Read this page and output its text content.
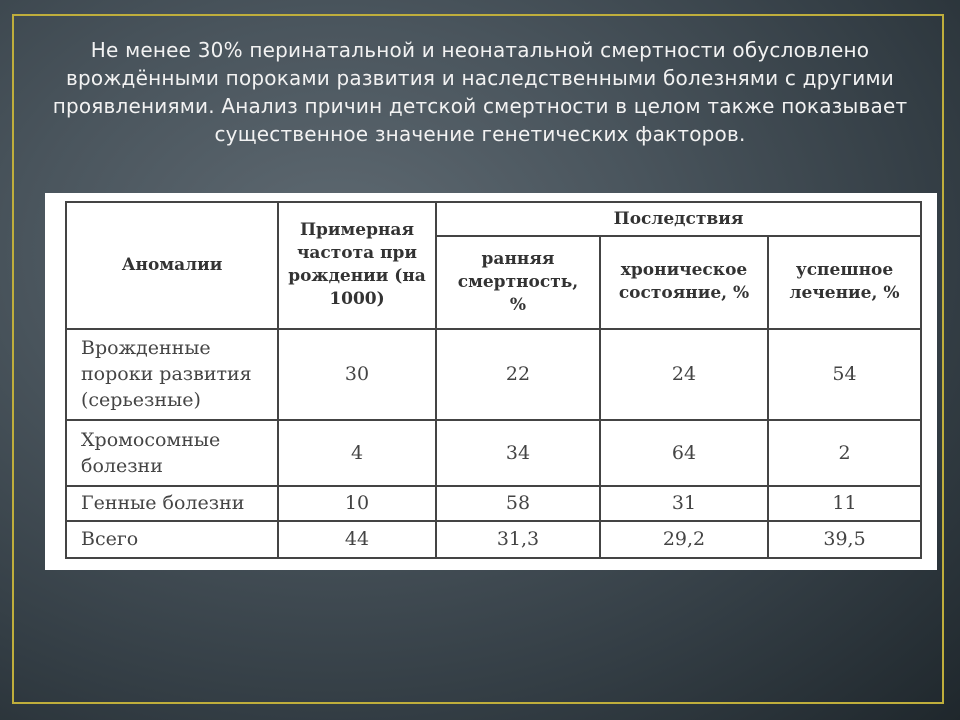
Не менее 30% перинатальной и неонатальной смертности обусловлено врождёнными пороками развития и наследственными болезнями с другими проявлениями. Анализ причин детской смертности в целом также показывает существенное значение генетических факторов.
Аномалии	Примерная частота при рождении (на 1000)	Последствия		
		ранняя смертность, %	хроническое состояние, %	успешное лечение, %
Врожденные пороки развития (серьезные)	30	22	24	54
Хромосомные болезни	4	34	64	2
Генные болезни	10	58	31	11
Всего	44	31,3	29,2	39,5
